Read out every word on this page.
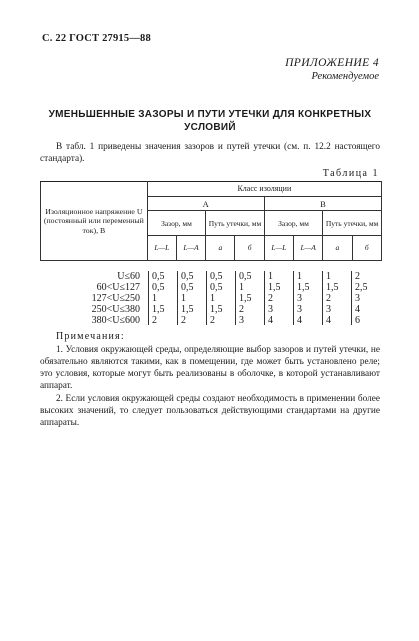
С. 22 ГОСТ 27915—88
ПРИЛОЖЕНИЕ 4
Рекомендуемое
УМЕНЬШЕННЫЕ ЗАЗОРЫ И ПУТИ УТЕЧКИ ДЛЯ КОНКРЕТНЫХ УСЛОВИЙ
В табл. 1 приведены значения зазоров и путей утечки (см. п. 12.2 настоящего стандарта).
Таблица 1
Изоляционное напряжение U (постоянный или переменный ток), В	Класс изоляции							
	А				В			
	Зазор, мм		Путь утечки, мм		Зазор, мм		Путь утечки, мм	
	L—L	L—A	а	б	L—L	L—A	а	б
U≤60 0,5 0,5 0,5 0,5 1 1 1 2
60<U≤127 0,5 0,5 0,5 1 1,5 1,5 1,5 2,5
127<U≤250 1 1 1 1,5 2 3 2 3
250<U≤380 1,5 1,5 1,5 2 3 3 3 4
380<U≤600 2 2 2 3 4 4 4 6
Примечания:
1. Условия окружающей среды, определяющие выбор зазоров и путей утечки, не обязательно являются такими, как в помещении, где может быть установлено реле; это условия, которые могут быть реализованы в оболочке, в которой устанавливают аппарат.
2. Если условия окружающей среды создают необходимость в применении более высоких значений, то следует пользоваться действующими стандартами на другие аппараты.
